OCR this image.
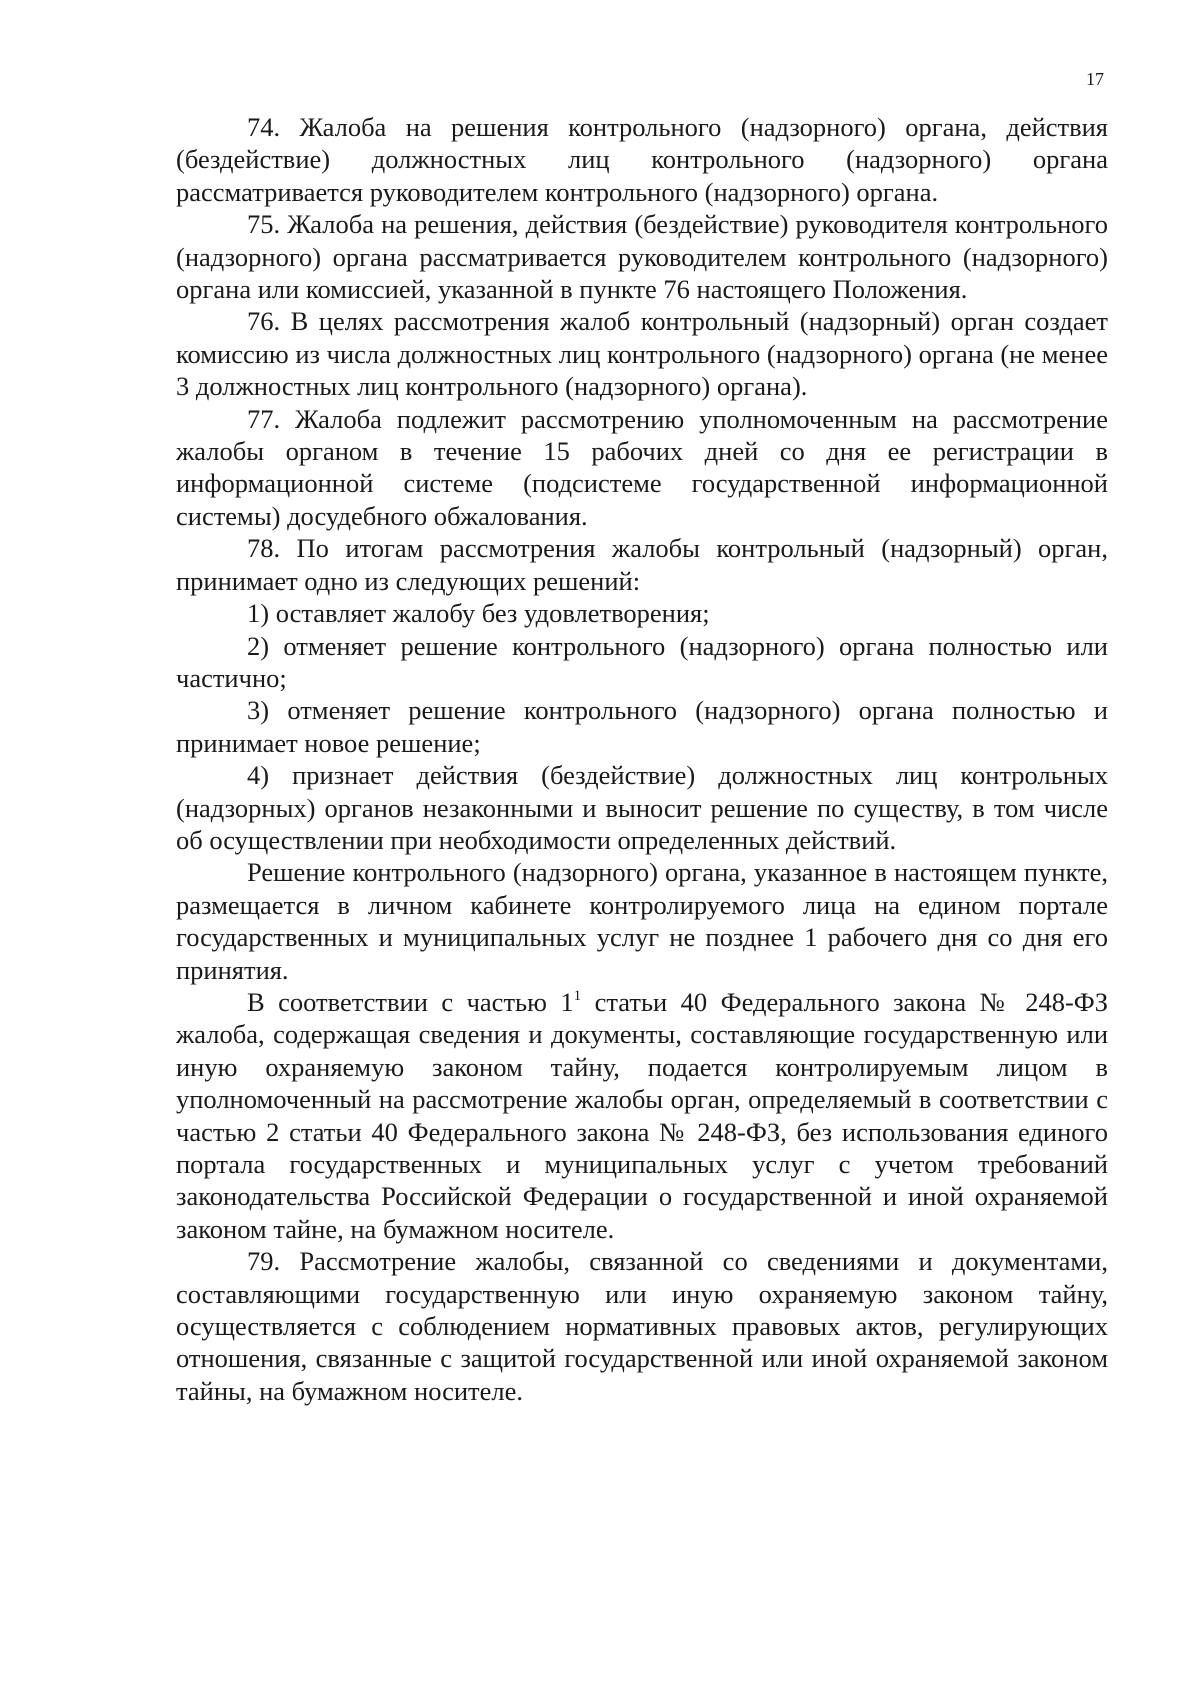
17

74. Жалоба на решения контрольного (надзорного) органа, действия (бездействие) должностных лиц контрольного (надзорного) органа рассматривается руководителем контрольного (надзорного) органа.

75. Жалоба на решения, действия (бездействие) руководителя контрольного (надзорного) органа рассматривается руководителем контрольного (надзорного) органа или комиссией, указанной в пункте 76 настоящего Положения.

76. В целях рассмотрения жалоб контрольный (надзорный) орган создает комиссию из числа должностных лиц контрольного (надзорного) органа (не менее 3 должностных лиц контрольного (надзорного) органа).

77. Жалоба подлежит рассмотрению уполномоченным на рассмотрение жалобы органом в течение 15 рабочих дней со дня ее регистрации в информационной системе (подсистеме государственной информационной системы) досудебного обжалования.

78. По итогам рассмотрения жалобы контрольный (надзорный) орган, принимает одно из следующих решений:

1) оставляет жалобу без удовлетворения;

2) отменяет решение контрольного (надзорного) органа полностью или частично;

3) отменяет решение контрольного (надзорного) органа полностью и принимает новое решение;

4) признает действия (бездействие) должностных лиц контрольных (надзорных) органов незаконными и выносит решение по существу, в том числе об осуществлении при необходимости определенных действий.

Решение контрольного (надзорного) органа, указанное в настоящем пункте, размещается в личном кабинете контролируемого лица на едином портале государственных и муниципальных услуг не позднее 1 рабочего дня со дня его принятия.

В соответствии с частью $1^1$ статьи 40 Федерального закона № 248-ФЗ жалоба, содержащая сведения и документы, составляющие государственную или иную охраняемую законом тайну, подается контролируемым лицом в уполномоченный на рассмотрение жалобы орган, определяемый в соответствии с частью 2 статьи 40 Федерального закона № 248-ФЗ, без использования единого портала государственных и муниципальных услуг с учетом требований законодательства Российской Федерации о государственной и иной охраняемой законом тайне, на бумажном носителе.

79. Рассмотрение жалобы, связанной со сведениями и документами, составляющими государственную или иную охраняемую законом тайну, осуществляется с соблюдением нормативных правовых актов, регулирующих отношения, связанные с защитой государственной или иной охраняемой законом тайны, на бумажном носителе.
